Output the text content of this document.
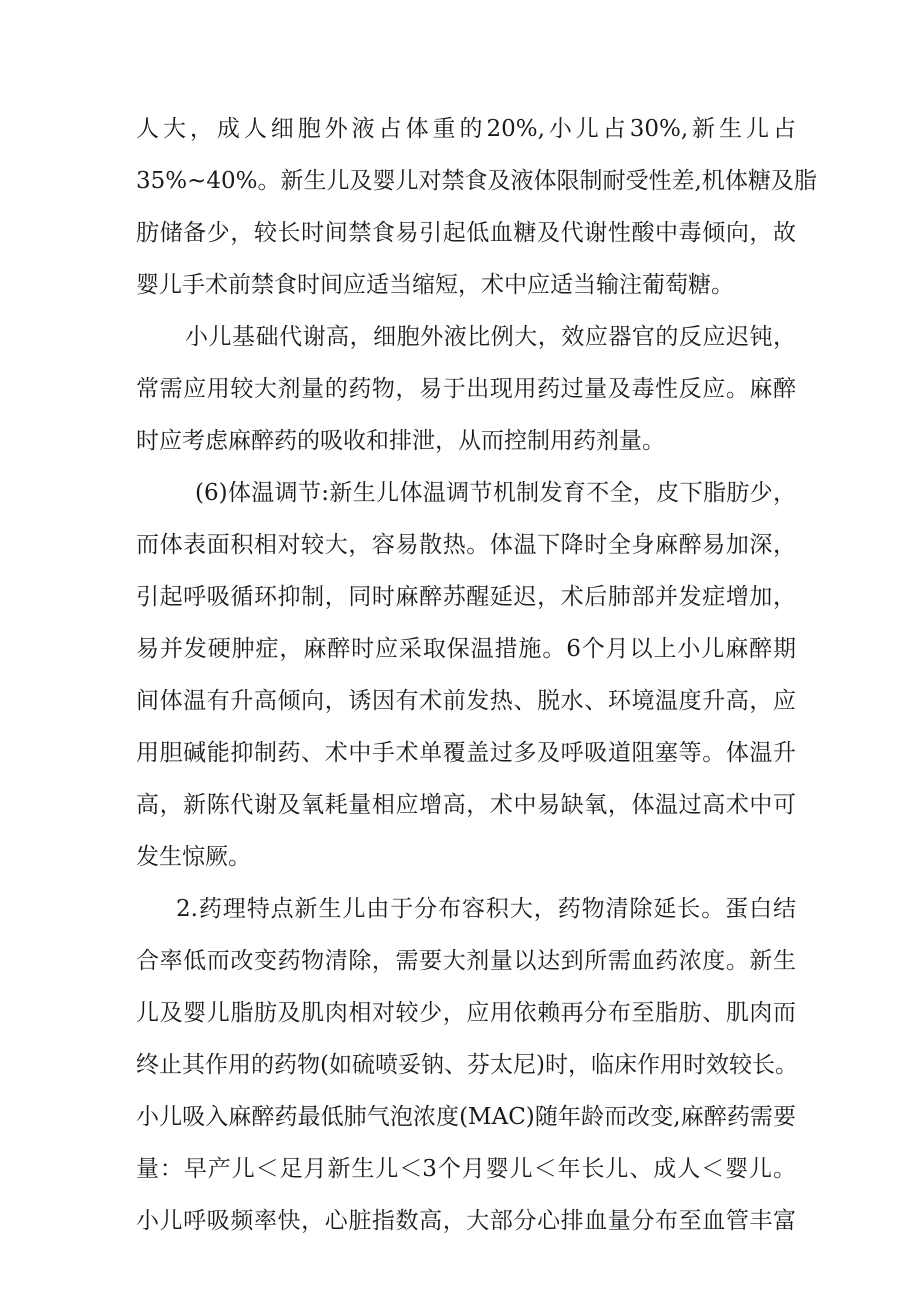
人大，成人细胞外液占体重的20%,小儿占30%,新生儿占
35%~40%。新生儿及婴儿对禁食及液体限制耐受性差,机体糖及脂
肪储备少，较长时间禁食易引起低血糖及代谢性酸中毒倾向，故
婴儿手术前禁食时间应适当缩短，术中应适当输注葡萄糖。
小儿基础代谢高，细胞外液比例大，效应器官的反应迟钝，
常需应用较大剂量的药物，易于出现用药过量及毒性反应。麻醉
时应考虑麻醉药的吸收和排泄，从而控制用药剂量。
(6)体温调节:新生儿体温调节机制发育不全，皮下脂肪少，
而体表面积相对较大，容易散热。体温下降时全身麻醉易加深，
引起呼吸循环抑制，同时麻醉苏醒延迟，术后肺部并发症增加，
易并发硬肿症，麻醉时应采取保温措施。6个月以上小儿麻醉期
间体温有升高倾向，诱因有术前发热、脱水、环境温度升高，应
用胆碱能抑制药、术中手术单覆盖过多及呼吸道阻塞等。体温升
高，新陈代谢及氧耗量相应增高，术中易缺氧，体温过高术中可
发生惊厥。
2.药理特点新生儿由于分布容积大，药物清除延长。蛋白结
合率低而改变药物清除，需要大剂量以达到所需血药浓度。新生
儿及婴儿脂肪及肌肉相对较少，应用依赖再分布至脂肪、肌肉而
终止其作用的药物(如硫喷妥钠、芬太尼)时，临床作用时效较长。
小儿吸入麻醉药最低肺气泡浓度(MAC)随年龄而改变,麻醉药需要
量：早产儿＜足月新生儿＜3个月婴儿＜年长儿、成人＜婴儿。
小儿呼吸频率快，心脏指数高，大部分心排血量分布至血管丰富
